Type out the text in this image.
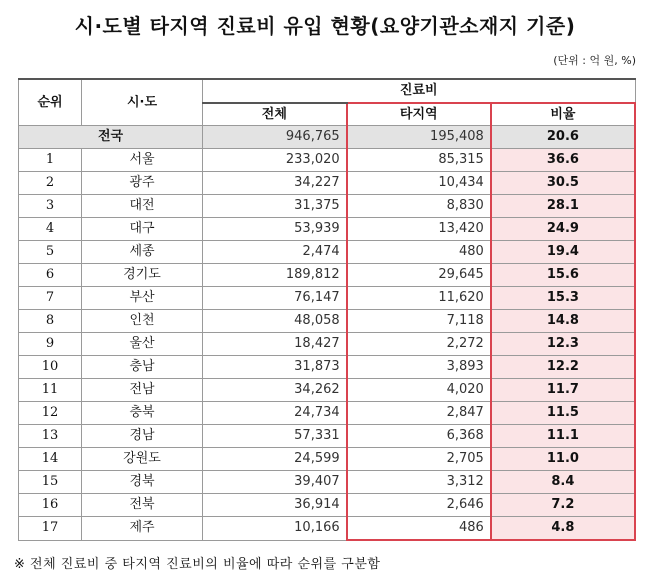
시·도별 타지역 진료비 유입 현황(요양기관소재지 기준)
(단위 : 억 원, %)
순위	시·도	진료비		
		전체	타지역	비율
전국		946,765	195,408	20.6
1	서울	233,020	85,315	36.6
2	광주	34,227	10,434	30.5
3	대전	31,375	8,830	28.1
4	대구	53,939	13,420	24.9
5	세종	2,474	480	19.4
6	경기도	189,812	29,645	15.6
7	부산	76,147	11,620	15.3
8	인천	48,058	7,118	14.8
9	울산	18,427	2,272	12.3
10	충남	31,873	3,893	12.2
11	전남	34,262	4,020	11.7
12	충북	24,734	2,847	11.5
13	경남	57,331	6,368	11.1
14	강원도	24,599	2,705	11.0
15	경북	39,407	3,312	8.4
16	전북	36,914	2,646	7.2
17	제주	10,166	486	4.8
※ 전체 진료비 중 타지역 진료비의 비율에 따라 순위를 구분함
